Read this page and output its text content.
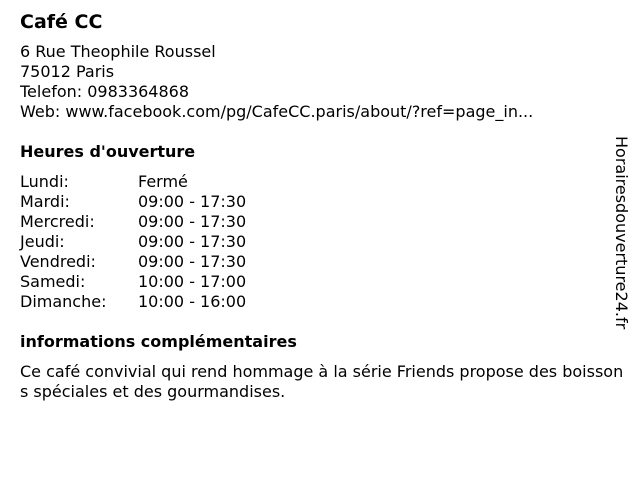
Café CC
6 Rue Theophile Roussel
75012 Paris
Telefon: 0983364868
Web: www.facebook.com/pg/CafeCC.paris/about/?ref=page_in...
Heures d'ouverture
Lundi:	Fermé
Mardi:	09:00 - 17:30
Mercredi:	09:00 - 17:30
Jeudi:	09:00 - 17:30
Vendredi:	09:00 - 17:30
Samedi:	10:00 - 17:00
Dimanche:	10:00 - 16:00
informations complémentaires
Ce café convivial qui rend hommage à la série Friends propose des boissons spéciales et des gourmandises.
Horairesdouverture24.fr
